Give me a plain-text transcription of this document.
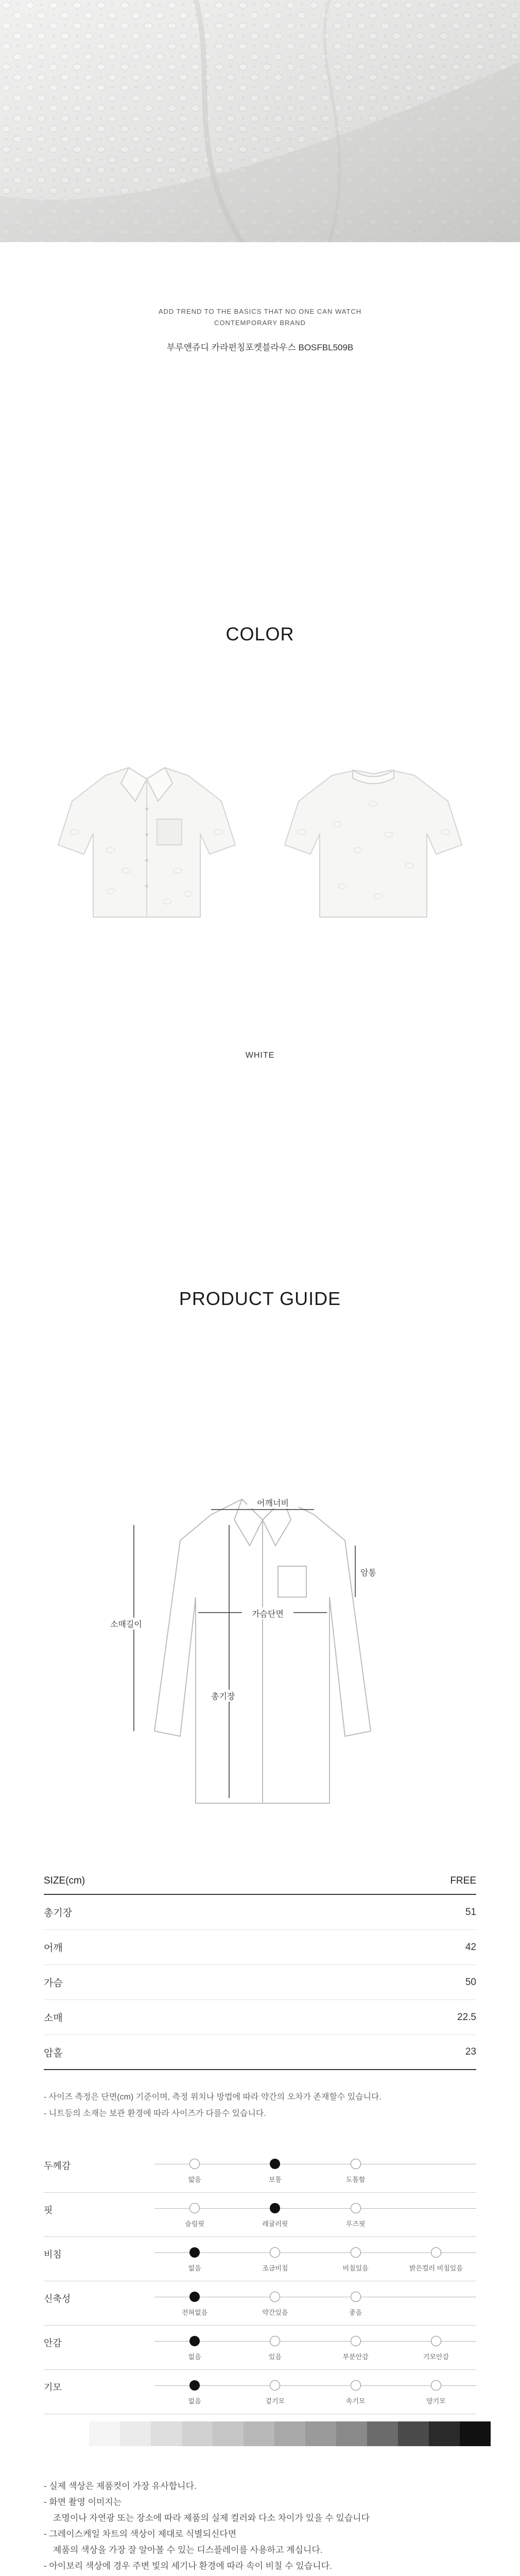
ADD TREND TO THE BASICS THAT NO ONE CAN WATCH
CONTEMPORARY BRAND
부루앤쥬디 카라펀칭포켓블라우스 BOSFBL509B
COLOR
WHITE
PRODUCT GUIDE
어깨너비
소매길이
가슴단면
암통
총기장
SIZE(cm)	FREE
총기장	51
어깨	42
가슴	50
소매	22.5
암홀	23
- 사이즈 측정은 단면(cm) 기준이며, 측정 위치나 방법에 따라 약간의 오차가 존재할수 있습니다.
- 니트등의 소재는 보관 환경에 따라 사이즈가 다를수 있습니다.
두께감
얇음	보통	도톰함
핏
슬림핏	레귤러핏	루즈핏
비침
없음	조금비침	비침있음	밝은컬러 비침있음
신축성
전혀없음	약간있음	좋음
안감
없음	있음	부분안감	기모안감
기모
없음	겉기모	속기모	양기모
- 실제 색상은 제품컷이 가장 유사합니다.
- 화면 촬영 이미지는
조명이나 자연광 또는 장소에 따라 제품의 실제 컬러와 다소 차이가 있을 수 있습니다
- 그레이스케일 차트의 색상이 제대로 식별되신다면
제품의 색상을 가장 잘 알아볼 수 있는 디스플레이를 사용하고 계십니다.
- 아이보리 색상에 경우 주변 빛의 세기나 환경에 따라 속이 비칠 수 있습니다.
